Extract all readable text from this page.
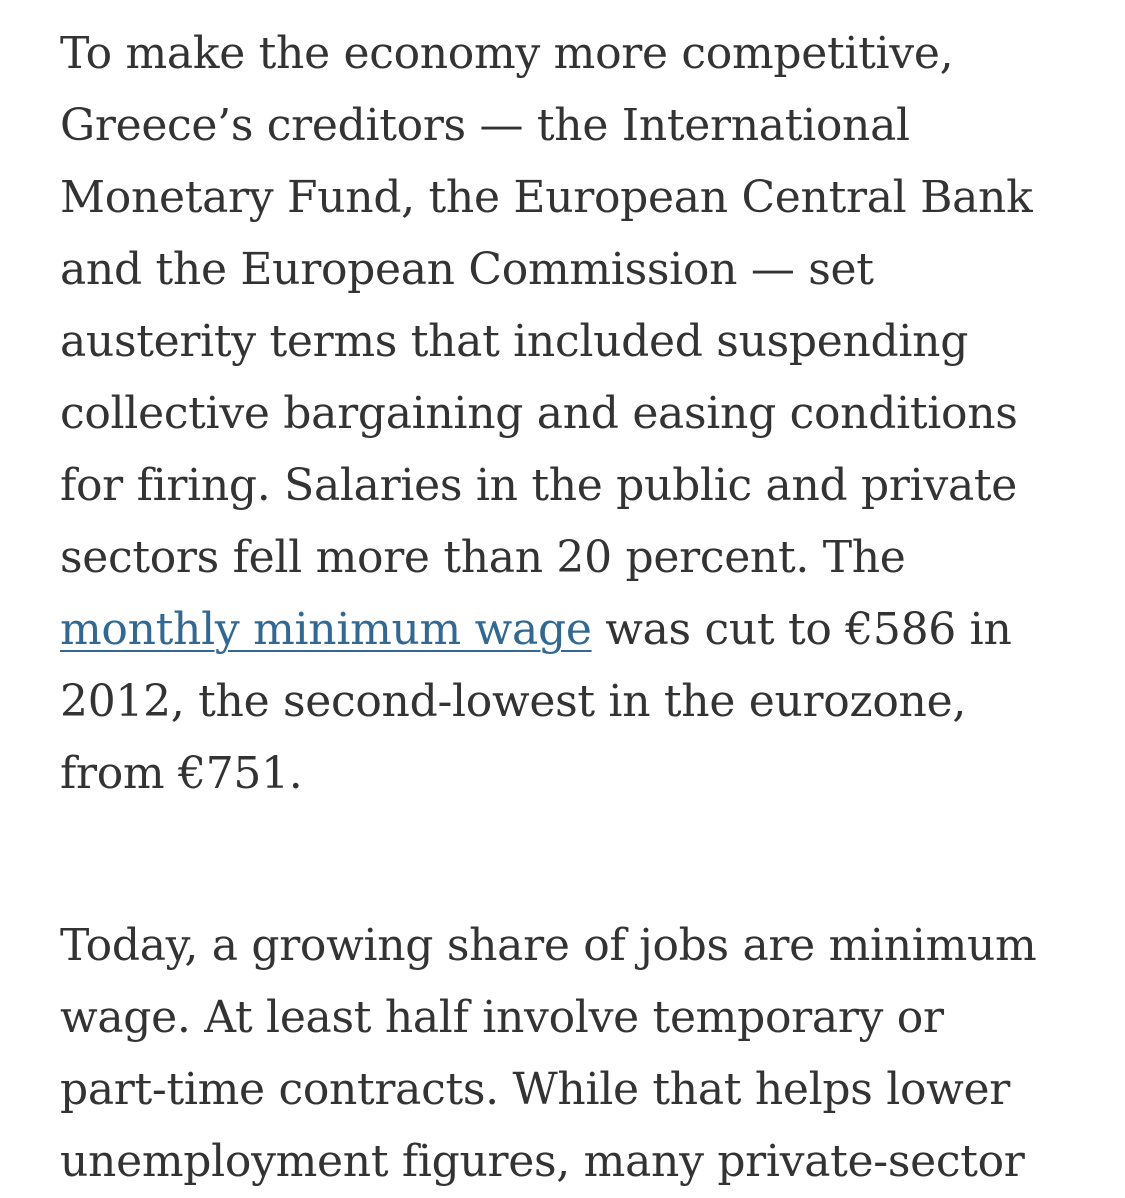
To make the economy more competitive,
Greece’s creditors — the International
Monetary Fund, the European Central Bank
and the European Commission — set
austerity terms that included suspending
collective bargaining and easing conditions
for firing. Salaries in the public and private
sectors fell more than 20 percent. The
monthly minimum wage was cut to €586 in
2012, the second-lowest in the eurozone,
from €751.

Today, a growing share of jobs are minimum
wage. At least half involve temporary or
part-time contracts. While that helps lower
unemployment figures, many private-sector
